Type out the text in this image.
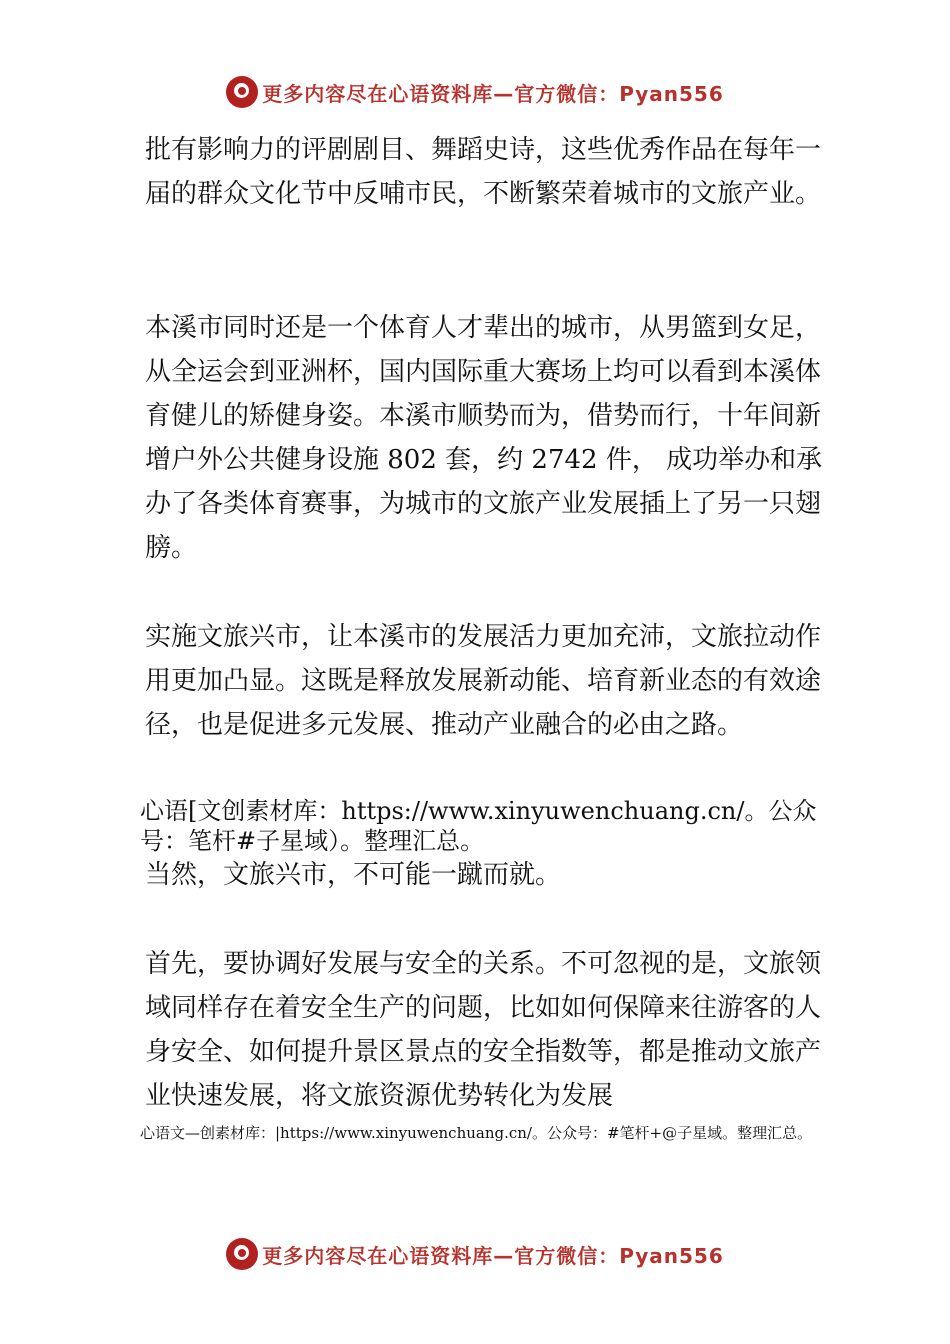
更多内容尽在心语资料库—官方微信：Pyan556

批有影响力的评剧剧目、舞蹈史诗，这些优秀作品在每年一届的群众文化节中反哺市民，不断繁荣着城市的文旅产业。

本溪市同时还是一个体育人才辈出的城市，从男篮到女足，从全运会到亚洲杯，国内国际重大赛场上均可以看到本溪体育健儿的矫健身姿。本溪市顺势而为，借势而行，十年间新增户外公共健身设施 802 套，约 2742 件， 成功举办和承办了各类体育赛事，为城市的文旅产业发展插上了另一只翅膀。

实施文旅兴市，让本溪市的发展活力更加充沛，文旅拉动作用更加凸显。这既是释放发展新动能、培育新业态的有效途径，也是促进多元发展、推动产业融合的必由之路。

心语[文创素材库：https://www.xinyuwenchuang.cn/。公众号：笔杆#子星域）。整理汇总。

当然，文旅兴市，不可能一蹴而就。

首先，要协调好发展与安全的关系。不可忽视的是，文旅领域同样存在着安全生产的问题，比如如何保障来往游客的人身安全、如何提升景区景点的安全指数等，都是推动文旅产业快速发展，将文旅资源优势转化为发展

心语文—创素材库：|https://www.xinyuwenchuang.cn/。公众号：#笔杆+@子星域。整理汇总。

更多内容尽在心语资料库—官方微信：Pyan556
